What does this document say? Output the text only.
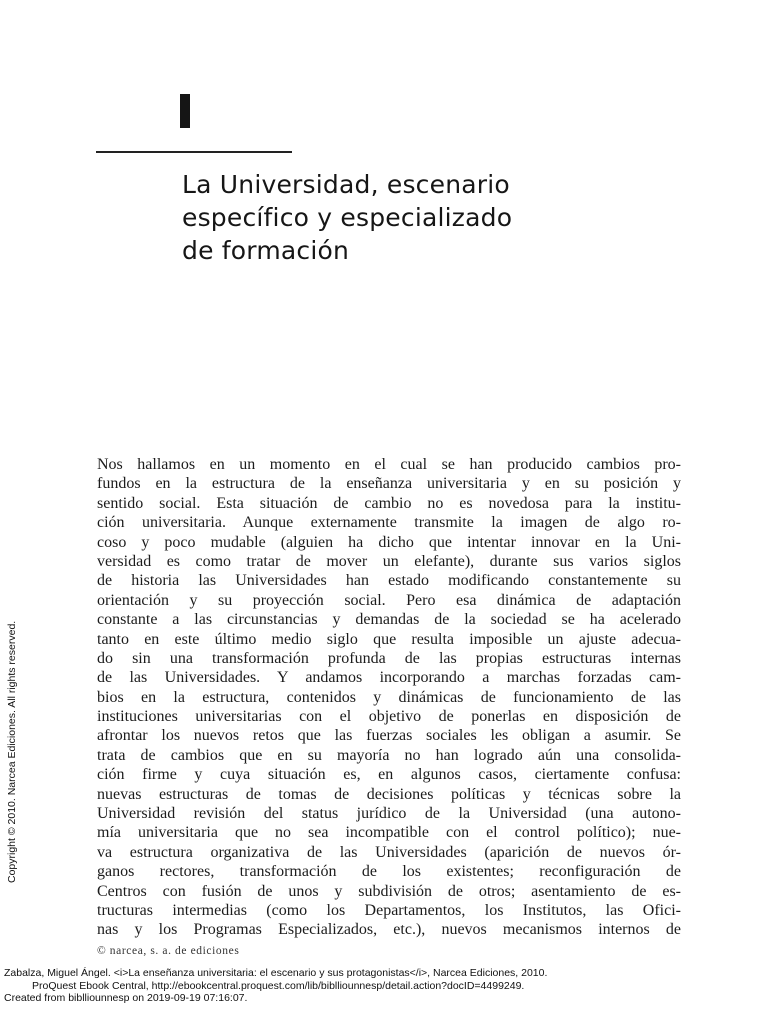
La Universidad, escenario
específico y especializado
de formación
Nos hallamos en un momento en el cual se han producido cambios pro-
fundos en la estructura de la enseñanza universitaria y en su posición y
sentido social. Esta situación de cambio no es novedosa para la institu-
ción universitaria. Aunque externamente transmite la imagen de algo ro-
coso y poco mudable (alguien ha dicho que intentar innovar en la Uni-
versidad es como tratar de mover un elefante), durante sus varios siglos
de historia las Universidades han estado modificando constantemente su
orientación y su proyección social. Pero esa dinámica de adaptación
constante a las circunstancias y demandas de la sociedad se ha acelerado
tanto en este último medio siglo que resulta imposible un ajuste adecua-
do sin una transformación profunda de las propias estructuras internas
de las Universidades. Y andamos incorporando a marchas forzadas cam-
bios en la estructura, contenidos y dinámicas de funcionamiento de las
instituciones universitarias con el objetivo de ponerlas en disposición de
afrontar los nuevos retos que las fuerzas sociales les obligan a asumir. Se
trata de cambios que en su mayoría no han logrado aún una consolida-
ción firme y cuya situación es, en algunos casos, ciertamente confusa:
nuevas estructuras de tomas de decisiones políticas y técnicas sobre la
Universidad revisión del status jurídico de la Universidad (una autono-
mía universitaria que no sea incompatible con el control político); nue-
va estructura organizativa de las Universidades (aparición de nuevos ór-
ganos rectores, transformación de los existentes; reconfiguración de
Centros con fusión de unos y subdivisión de otros; asentamiento de es-
tructuras intermedias (como los Departamentos, los Institutos, las Ofici-
nas y los Programas Especializados, etc.), nuevos mecanismos internos de
© narcea, s. a. de ediciones
Copyright © 2010. Narcea Ediciones. All rights reserved.
Zabalza, Miguel Ángel. <i>La enseñanza universitaria: el escenario y sus protagonistas</i>, Narcea Ediciones, 2010.
ProQuest Ebook Central, http://ebookcentral.proquest.com/lib/biblliounnesp/detail.action?docID=4499249.
Created from biblliounnesp on 2019-09-19 07:16:07.
